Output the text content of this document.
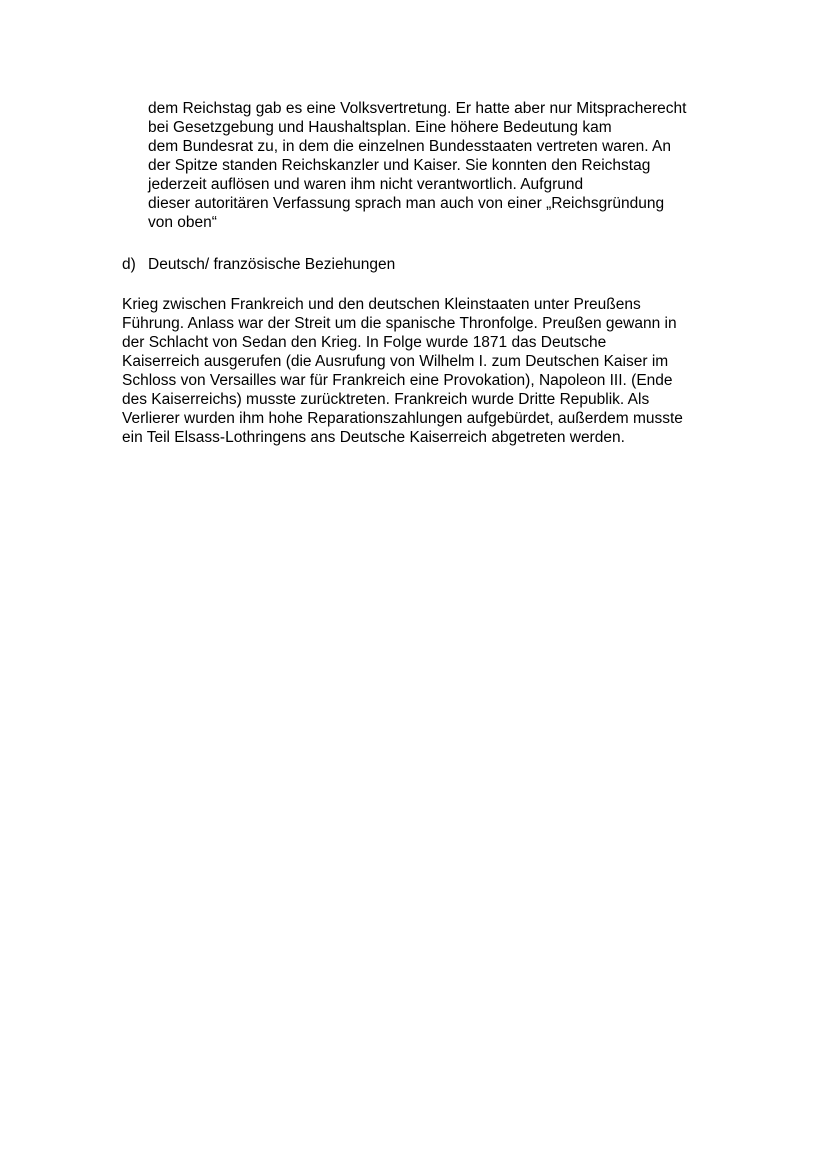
dem Reichstag gab es eine Volksvertretung. Er hatte aber nur Mitspracherecht
bei Gesetzgebung und Haushaltsplan. Eine höhere Bedeutung kam
dem Bundesrat zu, in dem die einzelnen Bundesstaaten vertreten waren. An
der Spitze standen Reichskanzler und Kaiser. Sie konnten den Reichstag
jederzeit auflösen und waren ihm nicht verantwortlich. Aufgrund
dieser autoritären Verfassung sprach man auch von einer „Reichsgründung
von oben“
d) Deutsch/ französische Beziehungen
Krieg zwischen Frankreich und den deutschen Kleinstaaten unter Preußens
Führung. Anlass war der Streit um die spanische Thronfolge. Preußen gewann in
der Schlacht von Sedan den Krieg. In Folge wurde 1871 das Deutsche
Kaiserreich ausgerufen (die Ausrufung von Wilhelm I. zum Deutschen Kaiser im
Schloss von Versailles war für Frankreich eine Provokation), Napoleon III. (Ende
des Kaiserreichs) musste zurücktreten. Frankreich wurde Dritte Republik. Als
Verlierer wurden ihm hohe Reparationszahlungen aufgebürdet, außerdem musste
ein Teil Elsass-Lothringens ans Deutsche Kaiserreich abgetreten werden.
